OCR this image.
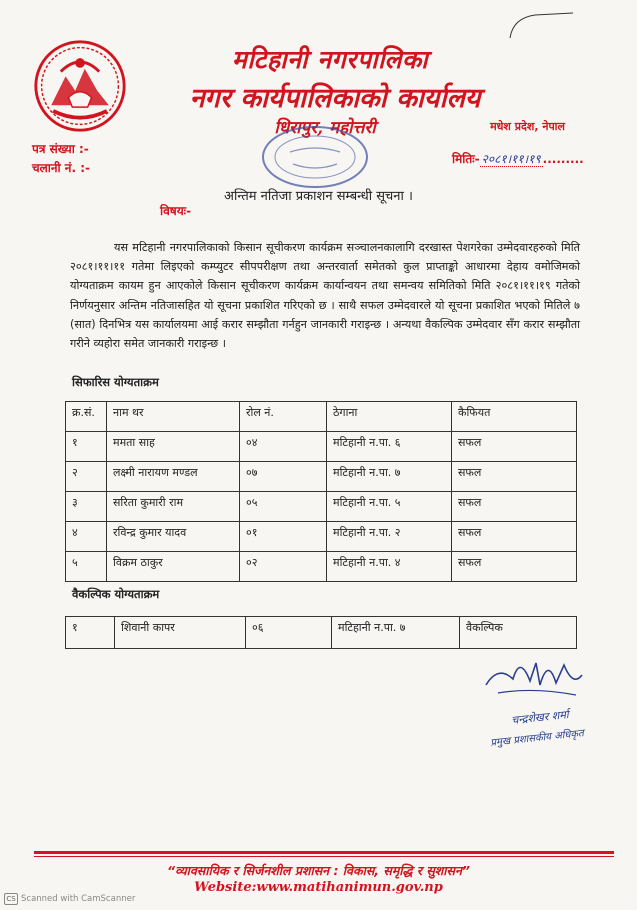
मटिहानी नगरपालिका
नगर कार्यपालिकाको कार्यालय
धिरापुर, महोत्तरी	मधेश प्रदेश, नेपाल
पत्र संख्या :-
चलानी नं. :-
मितिः- २०८१।११।१९ .........
अन्तिम नतिजा प्रकाशन सम्बन्धी सूचना ।
विषयः-
यस मटिहानी नगरपालिकाको किसान सूचीकरण कार्यक्रम सञ्चालनकालागि दरखास्त पेशगरेका उम्मेदवारहरुको मिति २०८१।११।११ गतेमा लिइएको कम्प्युटर सीपपरीक्षण तथा अन्तरवार्ता समेतको कुल प्राप्ताङ्को आधारमा देहाय वमोजिमको योग्यताक्रम कायम हुन आएकोले किसान सूचीकरण कार्यक्रम कार्यान्वयन तथा समन्वय समितिको मिति २०८१।११।१९ गतेको निर्णयनुसार अन्तिम नतिजासहित यो सूचना प्रकाशित गरिएको छ । साथै सफल उम्मेदवारले यो सूचना प्रकाशित भएको मितिले ७ (सात) दिनभित्र यस कार्यालयमा आई करार सम्झौता गर्नहुन जानकारी गराइन्छ । अन्यथा वैकल्पिक उम्मेदवार सँग करार सम्झौता गरीने व्यहोरा समेत जानकारी गराइन्छ ।
सिफारिस योग्यताक्रम
क्र.सं.	नाम थर	रोल नं.	ठेगाना	कैफियत
१	ममता साह	०४	मटिहानी न.पा. ६	सफल
२	लक्ष्मी नारायण मण्डल	०७	मटिहानी न.पा. ७	सफल
३	सरिता कुमारी राम	०५	मटिहानी न.पा. ५	सफल
४	रविन्द्र कुमार यादव	०१	मटिहानी न.पा. २	सफल
५	विक्रम ठाकुर	०२	मटिहानी न.पा. ४	सफल
वैकल्पिक योग्यताक्रम
१	शिवानी कापर	०६	मटिहानी न.पा. ७	वैकल्पिक
चन्द्रशेखर शर्मा
प्रमुख प्रशासकीय अधिकृत
“व्यावसायिक र सिर्जनशील प्रशासन : विकास, समृद्धि र सुशासन”
Website:www.matihanimun.gov.np
CS Scanned with CamScanner
